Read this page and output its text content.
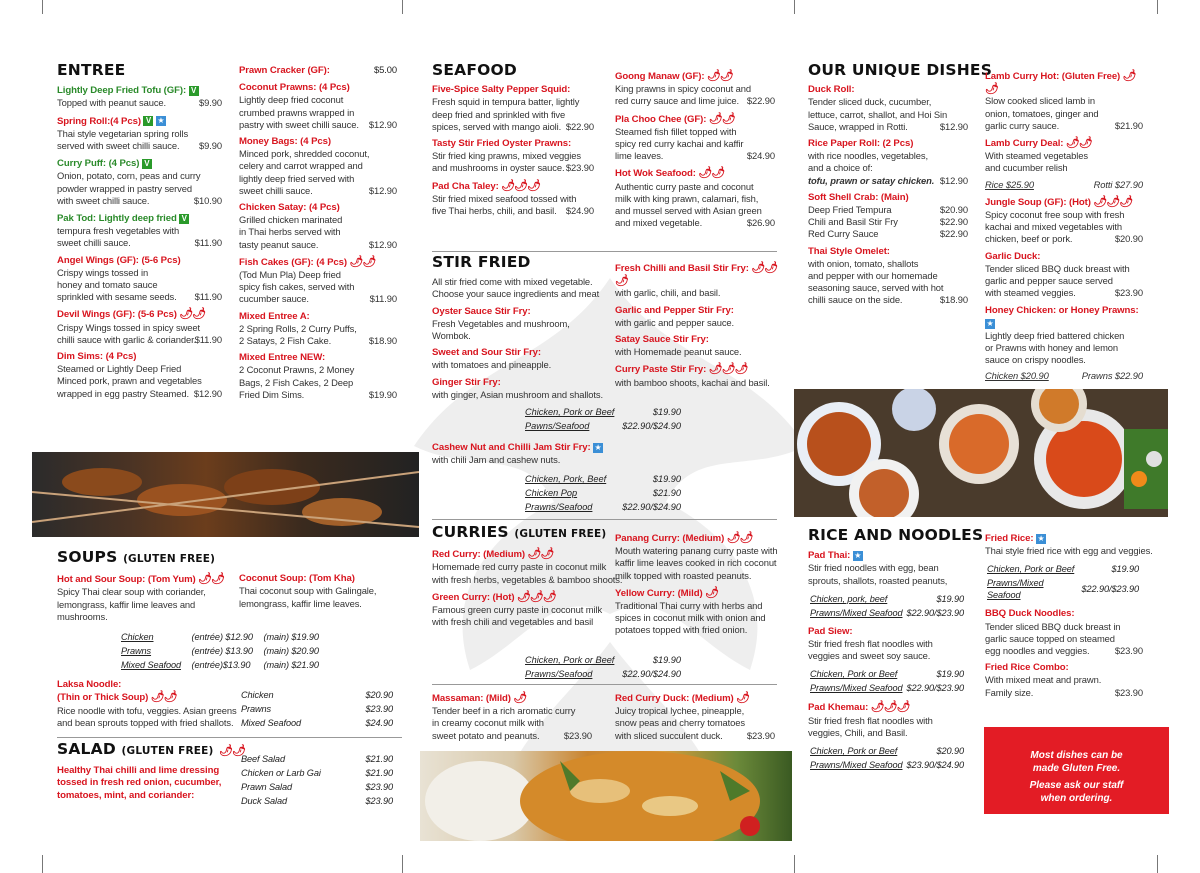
ENTREE

Lightly Deep Fried Tofu (GF): V

Topped with peanut sauce.	$9.90

Spring Roll:(4 Pcs) V ★

Thai style vegetarian spring rolls

served with sweet chilli sauce. $9.90

Curry Puff: (4 Pcs) V

Onion, potato, corn, peas and curry

powder wrapped in pastry served

with sweet chilli sauce.	$10.90

Pak Tod: Lightly deep fried V

tempura fresh vegetables with

sweet chilli sauce.	$11.90

Angel Wings (GF): (5-6 Pcs)

Crispy wings tossed in

honey and tomato sauce

sprinkled with sesame seeds. $11.90

Devil Wings (GF): (5-6 Pcs) 🌶🌶

Crispy Wings tossed in spicy sweet

chilli sauce with garlic & coriander.
$11.90

Dim Sims: (4 Pcs)

Steamed or Lightly Deep Fried

Minced pork, prawn and vegetables

wrapped in egg pastry Steamed. $12.90

Prawn Cracker (GF):	$5.00

Coconut Prawns: (4 Pcs)

Lightly deep fried coconut

crumbed prawns wrapped in

pastry with sweet chilli sauce. $12.90

Money Bags: (4 Pcs)

Minced pork, shredded coconut,

celery and carrot wrapped and

lightly deep fried served with

sweet chilli sauce.	$12.90

Chicken Satay: (4 Pcs)

Grilled chicken marinated

in Thai herbs served with

tasty peanut sauce.	$12.90

Fish Cakes (GF): (4 Pcs) 🌶🌶

(Tod Mun Pla) Deep fried

spicy fish cakes, served with

cucumber sauce.	$11.90

Mixed Entree A:

2 Spring Rolls, 2 Curry Puffs,

2 Satays, 2 Fish Cake.	$18.90

Mixed Entree NEW:

2 Coconut Prawns, 2 Money

Bags, 2 Fish Cakes, 2 Deep

Fried Dim Sims.	$19.90

SOUPS (GLUTEN FREE)

Hot and Sour Soup: (Tom Yum) 🌶🌶

Spicy Thai clear soup with coriander,

lemongrass, kaffir lime leaves and

mushrooms.

Coconut Soup: (Tom Kha)

Thai coconut soup with Galingale,

lemongrass, kaffir lime leaves.

Chicken	(entrée) $12.90	(main) $19.90
Prawns	(entrée) $13.90	(main) $20.90
Mixed Seafood	(entrée)$13.90	(main) $21.90

Laksa Noodle:

(Thin or Thick Soup) 🌶🌶

Rice noodle with tofu, veggies. Asian greens

and bean sprouts topped with fried shallots.

Chicken	$20.90
Prawns	$23.90
Mixed Seafood	$24.90
SALAD (GLUTEN FREE) 🌶🌶

Healthy Thai chilli and lime dressing

tossed in fresh red onion, cucumber,

tomatoes, mint, and coriander:

Beef Salad	$21.90
Chicken or Larb Gai	$21.90
Prawn Salad	$23.90
Duck Salad	$23.90
SEAFOOD

Five-Spice Salty Pepper Squid:

Fresh squid in tempura batter, lightly

deep fried and sprinkled with five

spices, served with mango aioli. $22.90

Tasty Stir Fried Oyster Prawns:

Stir fried king prawns, mixed veggies

and mushrooms in oyster sauce. $23.90

Pad Cha Taley: 🌶🌶🌶

Stir fried mixed seafood tossed with

five Thai herbs, chili, and basil. $24.90

Goong Manaw (GF): 🌶🌶

King prawns in spicy coconut and

red curry sauce and lime juice. $22.90

Pla Choo Chee (GF): 🌶🌶

Steamed fish fillet topped with

spicy red curry kachai and kaffir

lime leaves.	$24.90

Hot Wok Seafood: 🌶🌶

Authentic curry paste and coconut

milk with king prawn, calamari, fish,

and mussel served with Asian green

and mixed vegetable.	$26.90

STIR FRIED

All stir fried come with mixed vegetable.

Choose your sauce ingredients and meat

Oyster Sauce Stir Fry:

Fresh Vegetables and mushroom, Wombok.

Sweet and Sour Stir Fry:

with tomatoes and pineapple.

Ginger Stir Fry:

with ginger, Asian mushroom and shallots.

Fresh Chilli and Basil Stir Fry: 🌶🌶🌶

with garlic, chili, and basil.

Garlic and Pepper Stir Fry:

with garlic and pepper sauce.

Satay Sauce Stir Fry:

with Homemade peanut sauce.

Curry Paste Stir Fry: 🌶🌶🌶

with bamboo shoots, kachai and basil.

Chicken, Pork or Beef	$19.90
Pawns/Seafood	$22.90/$24.90

Cashew Nut and Chilli Jam Stir Fry: ★

with chili Jam and cashew nuts.

Chicken, Pork, Beef	$19.90
Chicken Pop	$21.90
Prawns/Seafood	$22.90/$24.90
CURRIES (GLUTEN FREE)

Red Curry: (Medium) 🌶🌶

Homemade red curry paste in coconut milk

with fresh herbs, vegetables & bamboo shoots.

Green Curry: (Hot) 🌶🌶🌶

Famous green curry paste in coconut milk

with fresh chili and vegetables and basil

Panang Curry: (Medium) 🌶🌶

Mouth watering panang curry paste with

kaffir lime leaves cooked in rich coconut

milk topped with roasted peanuts.

Yellow Curry: (Mild) 🌶

Traditional Thai curry with herbs and

spices in coconut milk with onion and

potatoes topped with fried onion.

Chicken, Pork or Beef	$19.90
Prawns/Seafood	$22.90/$24.90

Massaman: (Mild) 🌶

Tender beef in a rich aromatic curry

in creamy coconut milk with

sweet potato and peanuts.	$23.90

Red Curry Duck: (Medium) 🌶

Juicy tropical lychee, pineapple,

snow peas and cherry tomatoes

with sliced succulent duck.	$23.90

OUR UNIQUE DISHES

Duck Roll:

Tender sliced duck, cucumber,

lettuce, carrot, shallot, and Hoi Sin

Sauce, wrapped in Rotti.	$12.90

Rice Paper Roll: (2 Pcs)

with rice noodles, vegetables,

and a choice of:

tofu, prawn or satay chicken. $12.90

Soft Shell Crab: (Main)

Deep Fried Tempura	$20.90

Chili and Basil Stir Fry	$22.90

Red Curry Sauce	$22.90

Thai Style Omelet:

with onion, tomato, shallots

and pepper with our homemade

seasoning sauce, served with hot

chilli sauce on the side.	$18.90

Lamb Curry Hot: (Gluten Free) 🌶🌶

Slow cooked sliced lamb in

onion, tomatoes, ginger and

garlic curry sauce.	$21.90

Lamb Curry Deal: 🌶🌶

With steamed vegetables

and cucumber relish

Rice $25.90	Rotti $27.90

Jungle Soup (GF): (Hot) 🌶🌶🌶

Spicy coconut free soup with fresh

kachai and mixed vegetables with

chicken, beef or pork.	$20.90

Garlic Duck:

Tender sliced BBQ duck breast with

garlic and pepper sauce served

with steamed veggies.	$23.90

Honey Chicken: or Honey Prawns: ★

Lightly deep fried battered chicken

or Prawns with honey and lemon

sauce on crispy noodles.

Chicken $20.90	Prawns $22.90

RICE AND NOODLES

Pad Thai: ★

Stir fried noodles with egg, bean

sprouts, shallots, roasted peanuts,

Chicken, pork, beef	$19.90
Prawns/Mixed Seafood	$22.90/$23.90

Pad Siew:

Stir fried fresh flat noodles with

veggies and sweet soy sauce.

Chicken, Pork or Beef	$19.90
Prawns/Mixed Seafood	$22.90/$23.90

Pad Khemau: 🌶🌶🌶

Stir fried fresh flat noodles with

veggies, Chili, and Basil.

Chicken, Pork or Beef	$20.90
Prawns/Mixed Seafood	$23.90/$24.90

Fried Rice: ★

Thai style fried rice with egg and veggies.

Chicken, Pork or Beef	$19.90
Prawns/Mixed Seafood	$22.90/$23.90

BBQ Duck Noodles:

Tender sliced BBQ duck breast in

garlic sauce topped on steamed

egg noodles and veggies.	$23.90

Fried Rice Combo:

With mixed meat and prawn.

Family size.	$23.90

Most dishes can be

made Gluten Free.

Please ask our staff

when ordering.
